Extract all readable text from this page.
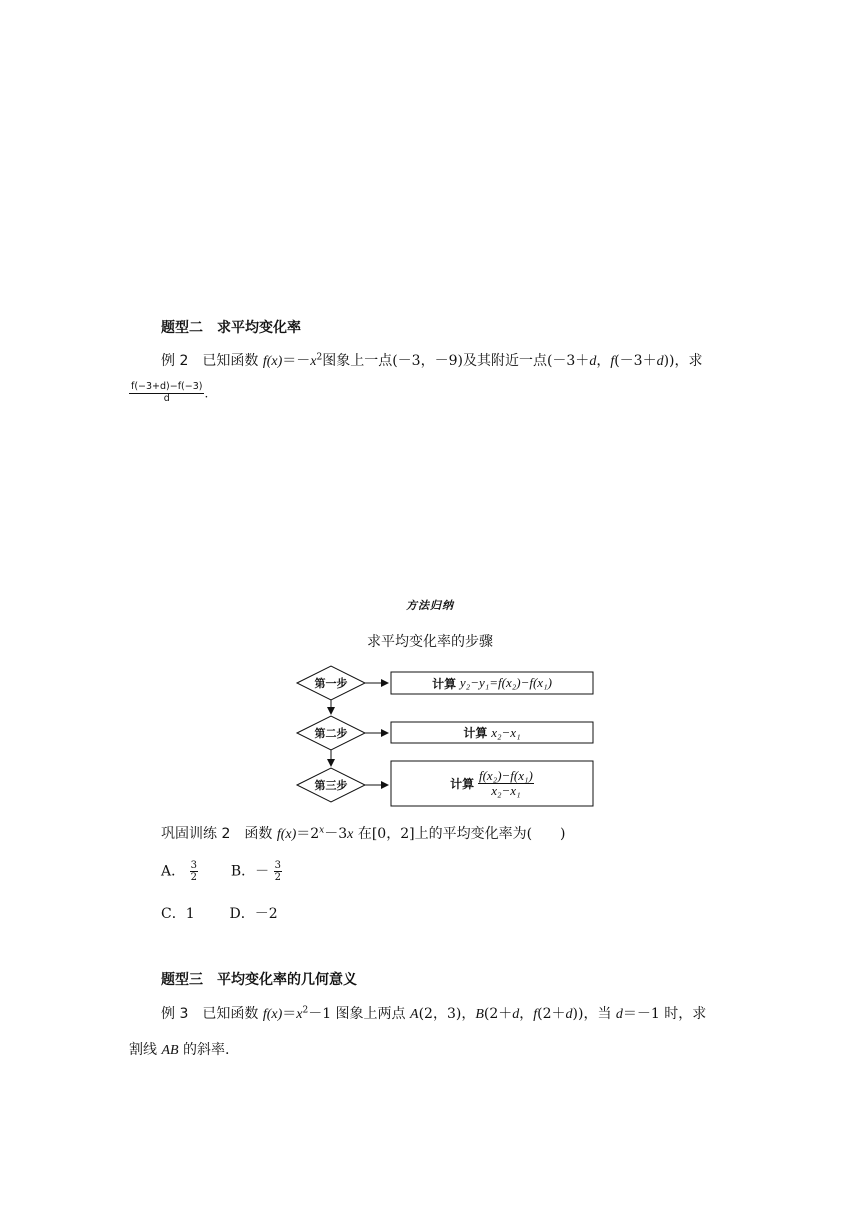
题型二　求平均变化率
例 2 已知函数 $f(x)=-x^2$图象上一点(－3，－9)及其附近一点(－3＋d，f(－3＋d))，求
$\frac{f(-3+d)-f(-3)}{d}$ .
方法归纳
求平均变化率的步骤
第一步
第二步
第三步
计算
y₂−y₁=f(x₂)−f(x₁)
计算
x₂−x₁
计算
$\frac{\text{f(x₂)−f(x₁)}}{\text{x₂−x₁}}$
巩固训练 2 函数 $f(x)=2^x-3x$ 在[0，2]上的平均变化率为(　　)
A． $\frac{3}{2}$ B．－ $\frac{3}{2}$
C．1 D．－2
题型三　平均变化率的几何意义
例 3 已知函数 $f(x)=x^2-1$ 图象上两点 A(2，3)，B(2＋d，f(2＋d))，当 d＝－1 时，求
割线 AB 的斜率.
